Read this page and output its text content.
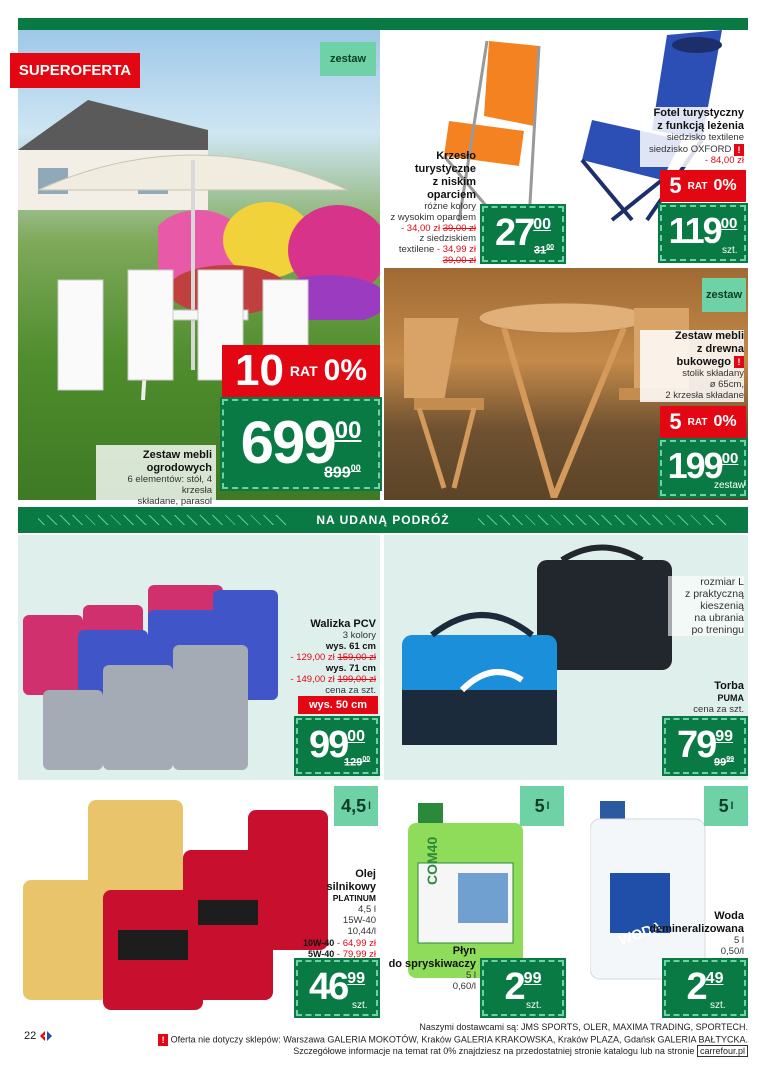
zestaw
SUPEROFERTA
10 RAT 0%
699 00
$899^{00}$
Zestaw mebli
ogrodowych
6 elementów: stół, 4 krzesła
składane, parasol
Krzesło
turystyczne
z niskim
oparciem
różne kolory
z wysokim oparciem
- 34,00 zł 39,00 zł
z siedziskiem
textilene - 34,99 zł
39,00 zł
27 00
$31^{00}$
Fotel turystyczny
z funkcją leżenia
siedzisko textilene
siedzisko OXFORD !
- 84,00 zł
5 RAT 0%
119 00
szt.
zestaw
Zestaw mebli
z drewna
bukowego !
stolik składany
ø 65cm,
2 krzesła składane
5 RAT 0%
199 00
zestaw
NA UDANĄ PODRÓŻ
Walizka PCV
3 kolory
wys. 61 cm
- 129,00 zł 159,00 zł
wys. 71 cm
- 149,00 zł 199,00 zł
cena za szt.
wys. 50 cm
99 00
$129^{00}$
rozmiar L
z praktyczną
kieszenią
na ubrania
po treningu
Torba
PUMA
cena za szt.
79 99
$99^{99}$
4,5 l
Olej
silnikowy
PLATINUM
4,5 l
15W-40
10,44/l
10W-40 - 64,99 zł
5W-40 - 79,99 zł
46 99
szt.
COM40
5 l
Płyn
do spryskiwaczy
5 l
0,60/l 2 99
szt.
WODA
5 l
Woda
demineralizowana
5 l
0,50/l
2 49
szt.
22
Naszymi dostawcami są: JMS SPORTS, OLER, MAXIMA TRADING, SPORTECH.
! Oferta nie dotyczy sklepów: Warszawa GALERIA MOKOTÓW, Kraków GALERIA KRAKOWSKA, Kraków PLAZA, Gdańsk GALERIA BAŁTYCKA.
Szczegółowe informacje na temat rat 0% znajdziesz na przedostatniej stronie katalogu lub na stronie carrefour.pl
